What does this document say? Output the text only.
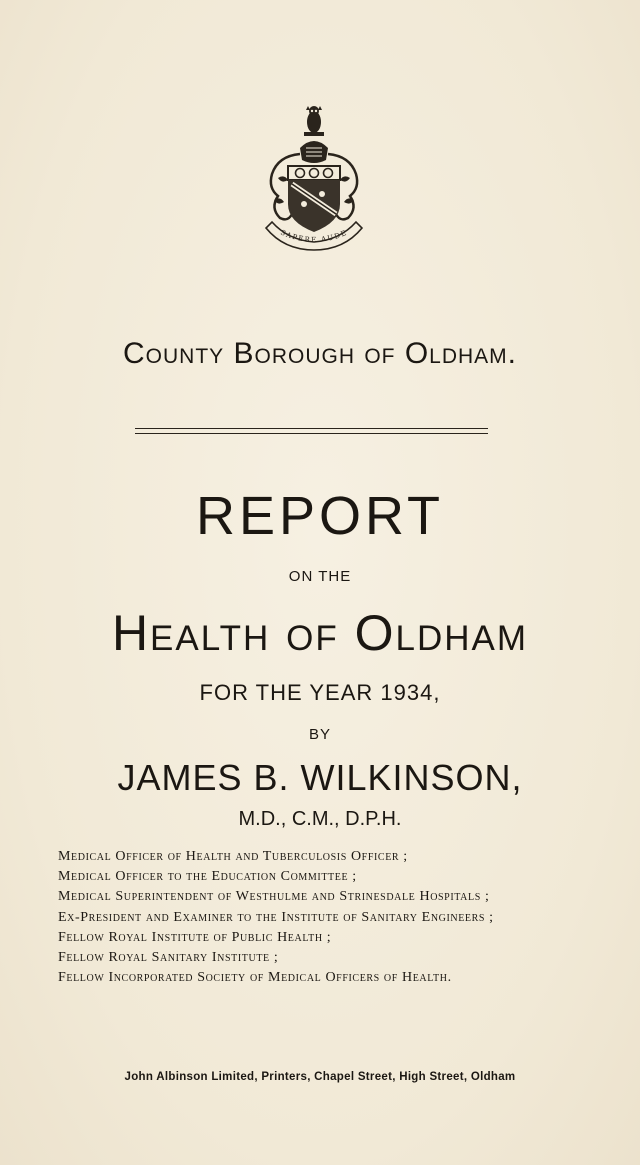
SAPERE AUDE
County Borough of Oldham.
REPORT
ON THE
Health of Oldham
FOR THE YEAR 1934,
BY
JAMES B. WILKINSON,
M.D., C.M., D.P.H.
Medical Officer of Health and Tuberculosis Officer ;
Medical Officer to the Education Committee ;
Medical Superintendent of Westhulme and Strinesdale Hospitals ;
Ex-President and Examiner to the Institute of Sanitary Engineers ;
Fellow Royal Institute of Public Health ;
Fellow Royal Sanitary Institute ;
Fellow Incorporated Society of Medical Officers of Health.
John Albinson Limited, Printers, Chapel Street, High Street, Oldham
